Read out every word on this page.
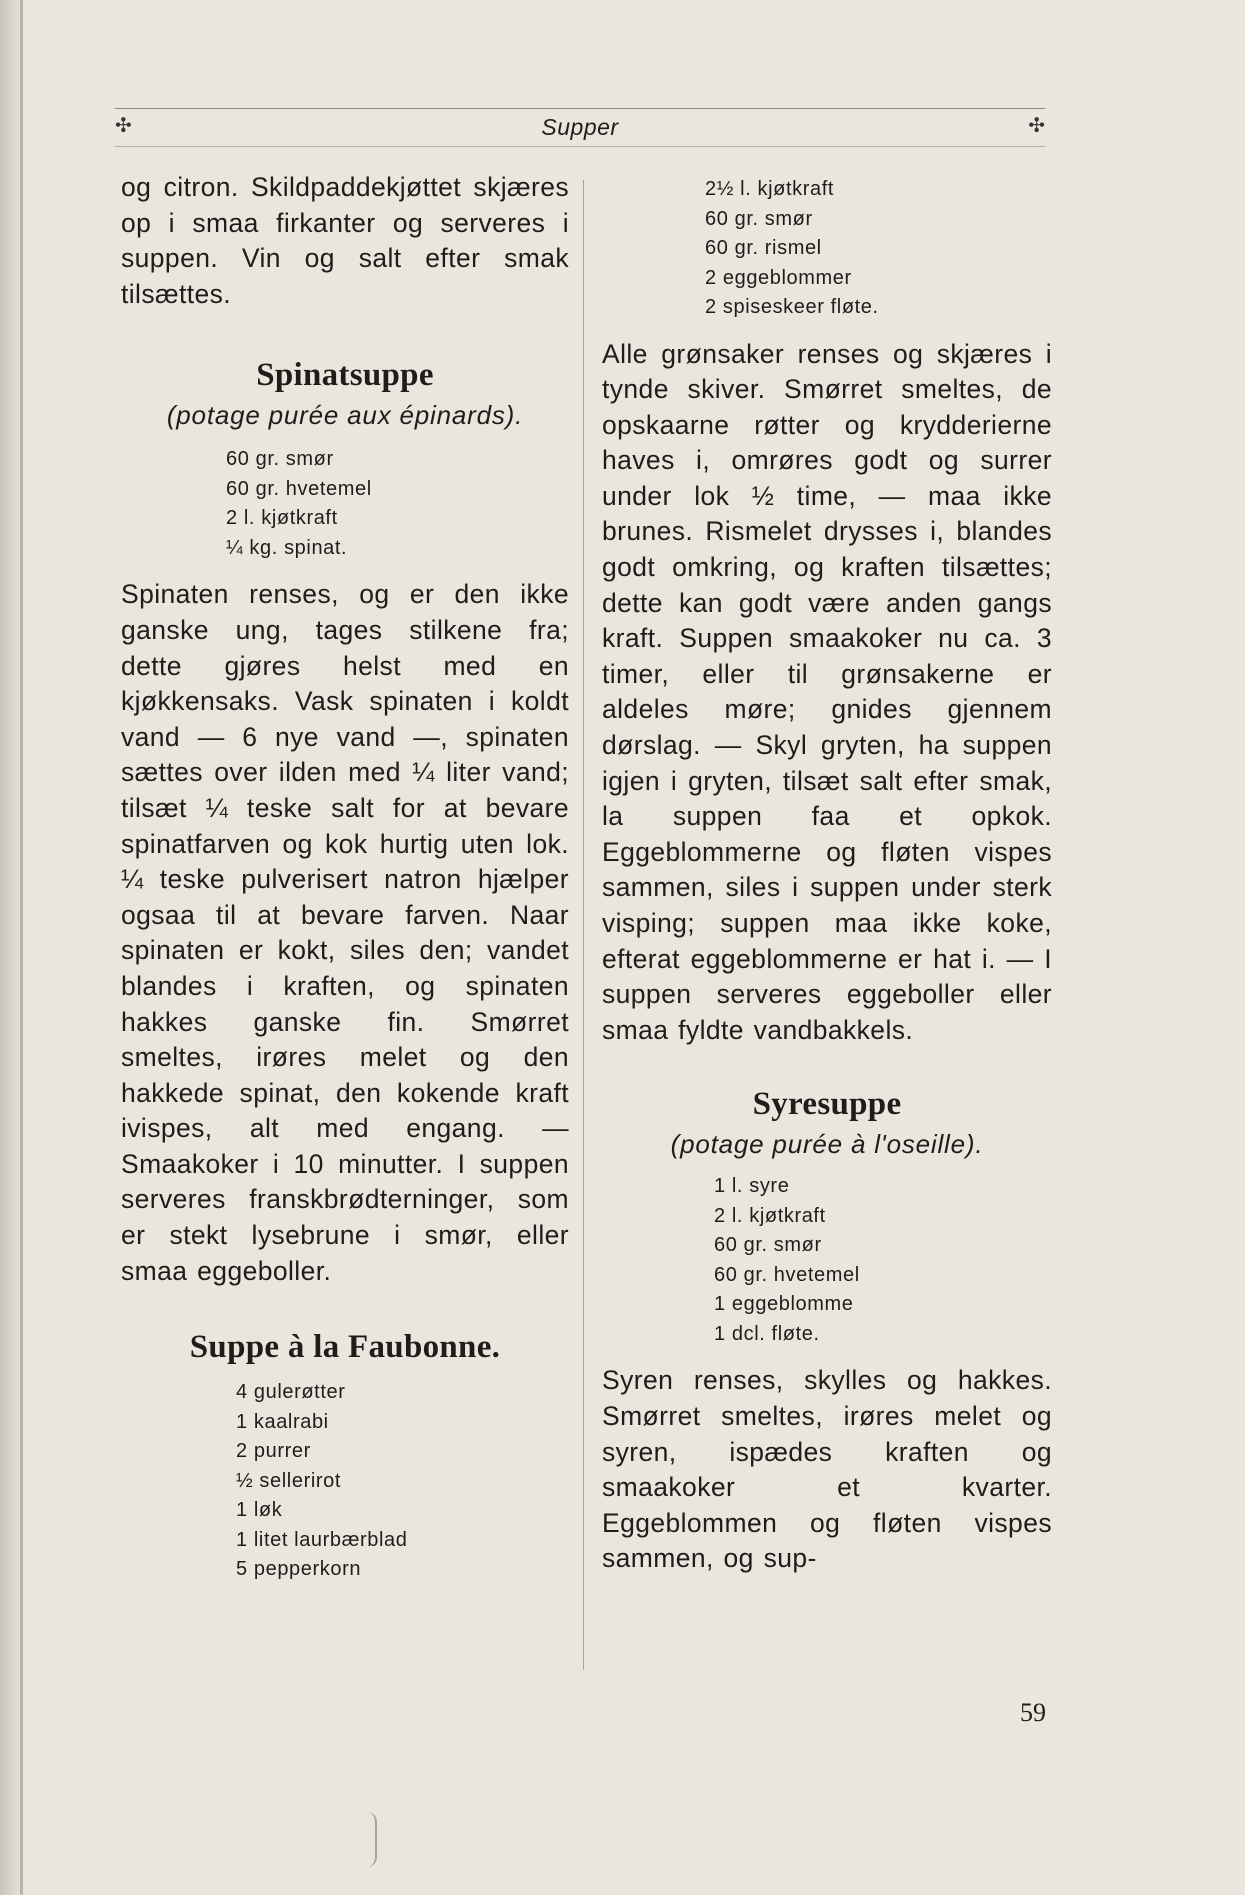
✣	Supper	✣

og citron. Skildpaddekjøttet skjæres op i smaa firkanter og serveres i suppen. Vin og salt efter smak tilsættes.

Spinatsuppe

(potage purée aux épinards).

60 gr. smør
60 gr. hvetemel
2 l. kjøtkraft
¼ kg. spinat.

Spinaten renses, og er den ikke ganske ung, tages stilkene fra; dette gjøres helst med en kjøkkensaks. Vask spinaten i koldt vand — 6 nye vand —, spinaten sættes over ilden med ¼ liter vand; tilsæt ¼ teske salt for at bevare spinatfarven og kok hurtig uten lok. ¼ teske pulverisert natron hjælper ogsaa til at bevare farven. Naar spinaten er kokt, siles den; vandet blandes i kraften, og spinaten hakkes ganske fin. Smørret smeltes, irøres melet og den hakkede spinat, den kokende kraft ivispes, alt med engang. — Smaakoker i 10 minutter. I suppen serveres franskbrødterninger, som er stekt lysebrune i smør, eller smaa eggeboller.

Suppe à la Faubonne.
4 gulerøtter
1 kaalrabi
2 purrer
½ sellerirot
1 løk
1 litet laurbærblad
5 pepperkorn
2½ l. kjøtkraft
60 gr. smør
60 gr. rismel
2 eggeblommer
2 spiseskeer fløte.

Alle grønsaker renses og skjæres i tynde skiver. Smørret smeltes, de opskaarne røtter og krydderierne haves i, omrøres godt og surrer under lok ½ time, — maa ikke brunes. Rismelet drysses i, blandes godt omkring, og kraften tilsættes; dette kan godt være anden gangs kraft. Suppen smaakoker nu ca. 3 timer, eller til grønsakerne er aldeles møre; gnides gjennem dørslag. — Skyl gryten, ha suppen igjen i gryten, tilsæt salt efter smak, la suppen faa et opkok. Eggeblommerne og fløten vispes sammen, siles i suppen under sterk visping; suppen maa ikke koke, efterat eggeblommerne er hat i. — I suppen serveres eggeboller eller smaa fyldte vandbakkels.

Syresuppe

(potage purée à l'oseille).

1 l. syre
2 l. kjøtkraft
60 gr. smør
60 gr. hvetemel
1 eggeblomme
1 dcl. fløte.

Syren renses, skylles og hakkes. Smørret smeltes, irøres melet og syren, ispædes kraften og smaakoker et kvarter. Eggeblommen og fløten vispes sammen, og sup-

59
